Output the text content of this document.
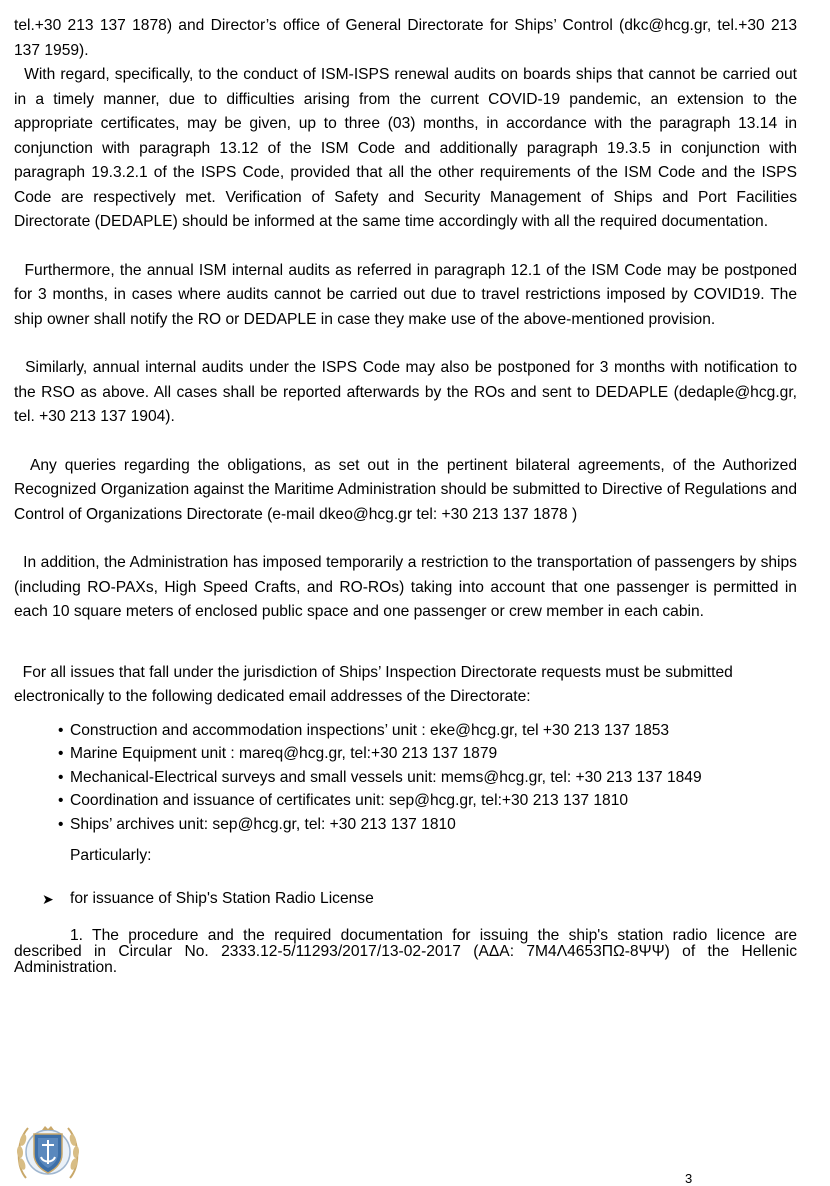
tel.+30 213 137 1878) and Director’s office of General Directorate for Ships’ Control (dkc@hcg.gr, tel.+30 213 137 1959).

With regard, specifically, to the conduct of ISM-ISPS renewal audits on boards ships that cannot be carried out in a timely manner, due to difficulties arising from the current COVID-19 pandemic, an extension to the appropriate certificates, may be given, up to three (03) months, in accordance with the paragraph 13.14 in conjunction with paragraph 13.12 of the ISM Code and additionally paragraph 19.3.5 in conjunction with paragraph 19.3.2.1 of the ISPS Code, provided that all the other requirements of the ISM Code and the ISPS Code are respectively met. Verification of Safety and Security Management of Ships and Port Facilities Directorate (DEDAPLE) should be informed at the same time accordingly with all the required documentation.

Furthermore, the annual ISM internal audits as referred in paragraph 12.1 of the ISM Code may be postponed for 3 months, in cases where audits cannot be carried out due to travel restrictions imposed by COVID19. The ship owner shall notify the RO or DEDAPLE in case they make use of the above-mentioned provision.

Similarly, annual internal audits under the ISPS Code may also be postponed for 3 months with notification to the RSO as above. All cases shall be reported afterwards by the ROs and sent to DEDAPLE (dedaple@hcg.gr, tel. +30 213 137 1904).

Any queries regarding the obligations, as set out in the pertinent bilateral agreements, of the Authorized Recognized Organization against the Maritime Administration should be submitted to Directive of Regulations and Control of Organizations Directorate (e-mail dkeo@hcg.gr tel: +30 213 137 1878 )

In addition, the Administration has imposed temporarily a restriction to the transportation of passengers by ships (including RO-PAXs, High Speed Crafts, and RO-ROs) taking into account that one passenger is permitted in each 10 square meters of enclosed public space and one passenger or crew member in each cabin.

For all issues that fall under the jurisdiction of Ships’ Inspection Directorate requests must be submitted electronically to the following dedicated email addresses of the Directorate:

• Construction and accommodation inspections’ unit : eke@hcg.gr, tel +30 213 137 1853
• Marine Equipment unit : mareq@hcg.gr, tel:+30 213 137 1879
• Mechanical-Electrical surveys and small vessels unit: mems@hcg.gr, tel: +30 213 137 1849
• Coordination and issuance of certificates unit: sep@hcg.gr, tel:+30 213 137 1810
• Ships’ archives unit: sep@hcg.gr, tel: +30 213 137 1810
Particularly:
➤	for issuance of Ship's Station Radio License

1. The procedure and the required documentation for issuing the ship's station radio licence are described in Circular No. 2333.12-5/11293/2017/13-02-2017 (ΑΔΑ: 7Μ4Λ4653ΠΩ-8ΨΨ) of the Hellenic Administration.

3
